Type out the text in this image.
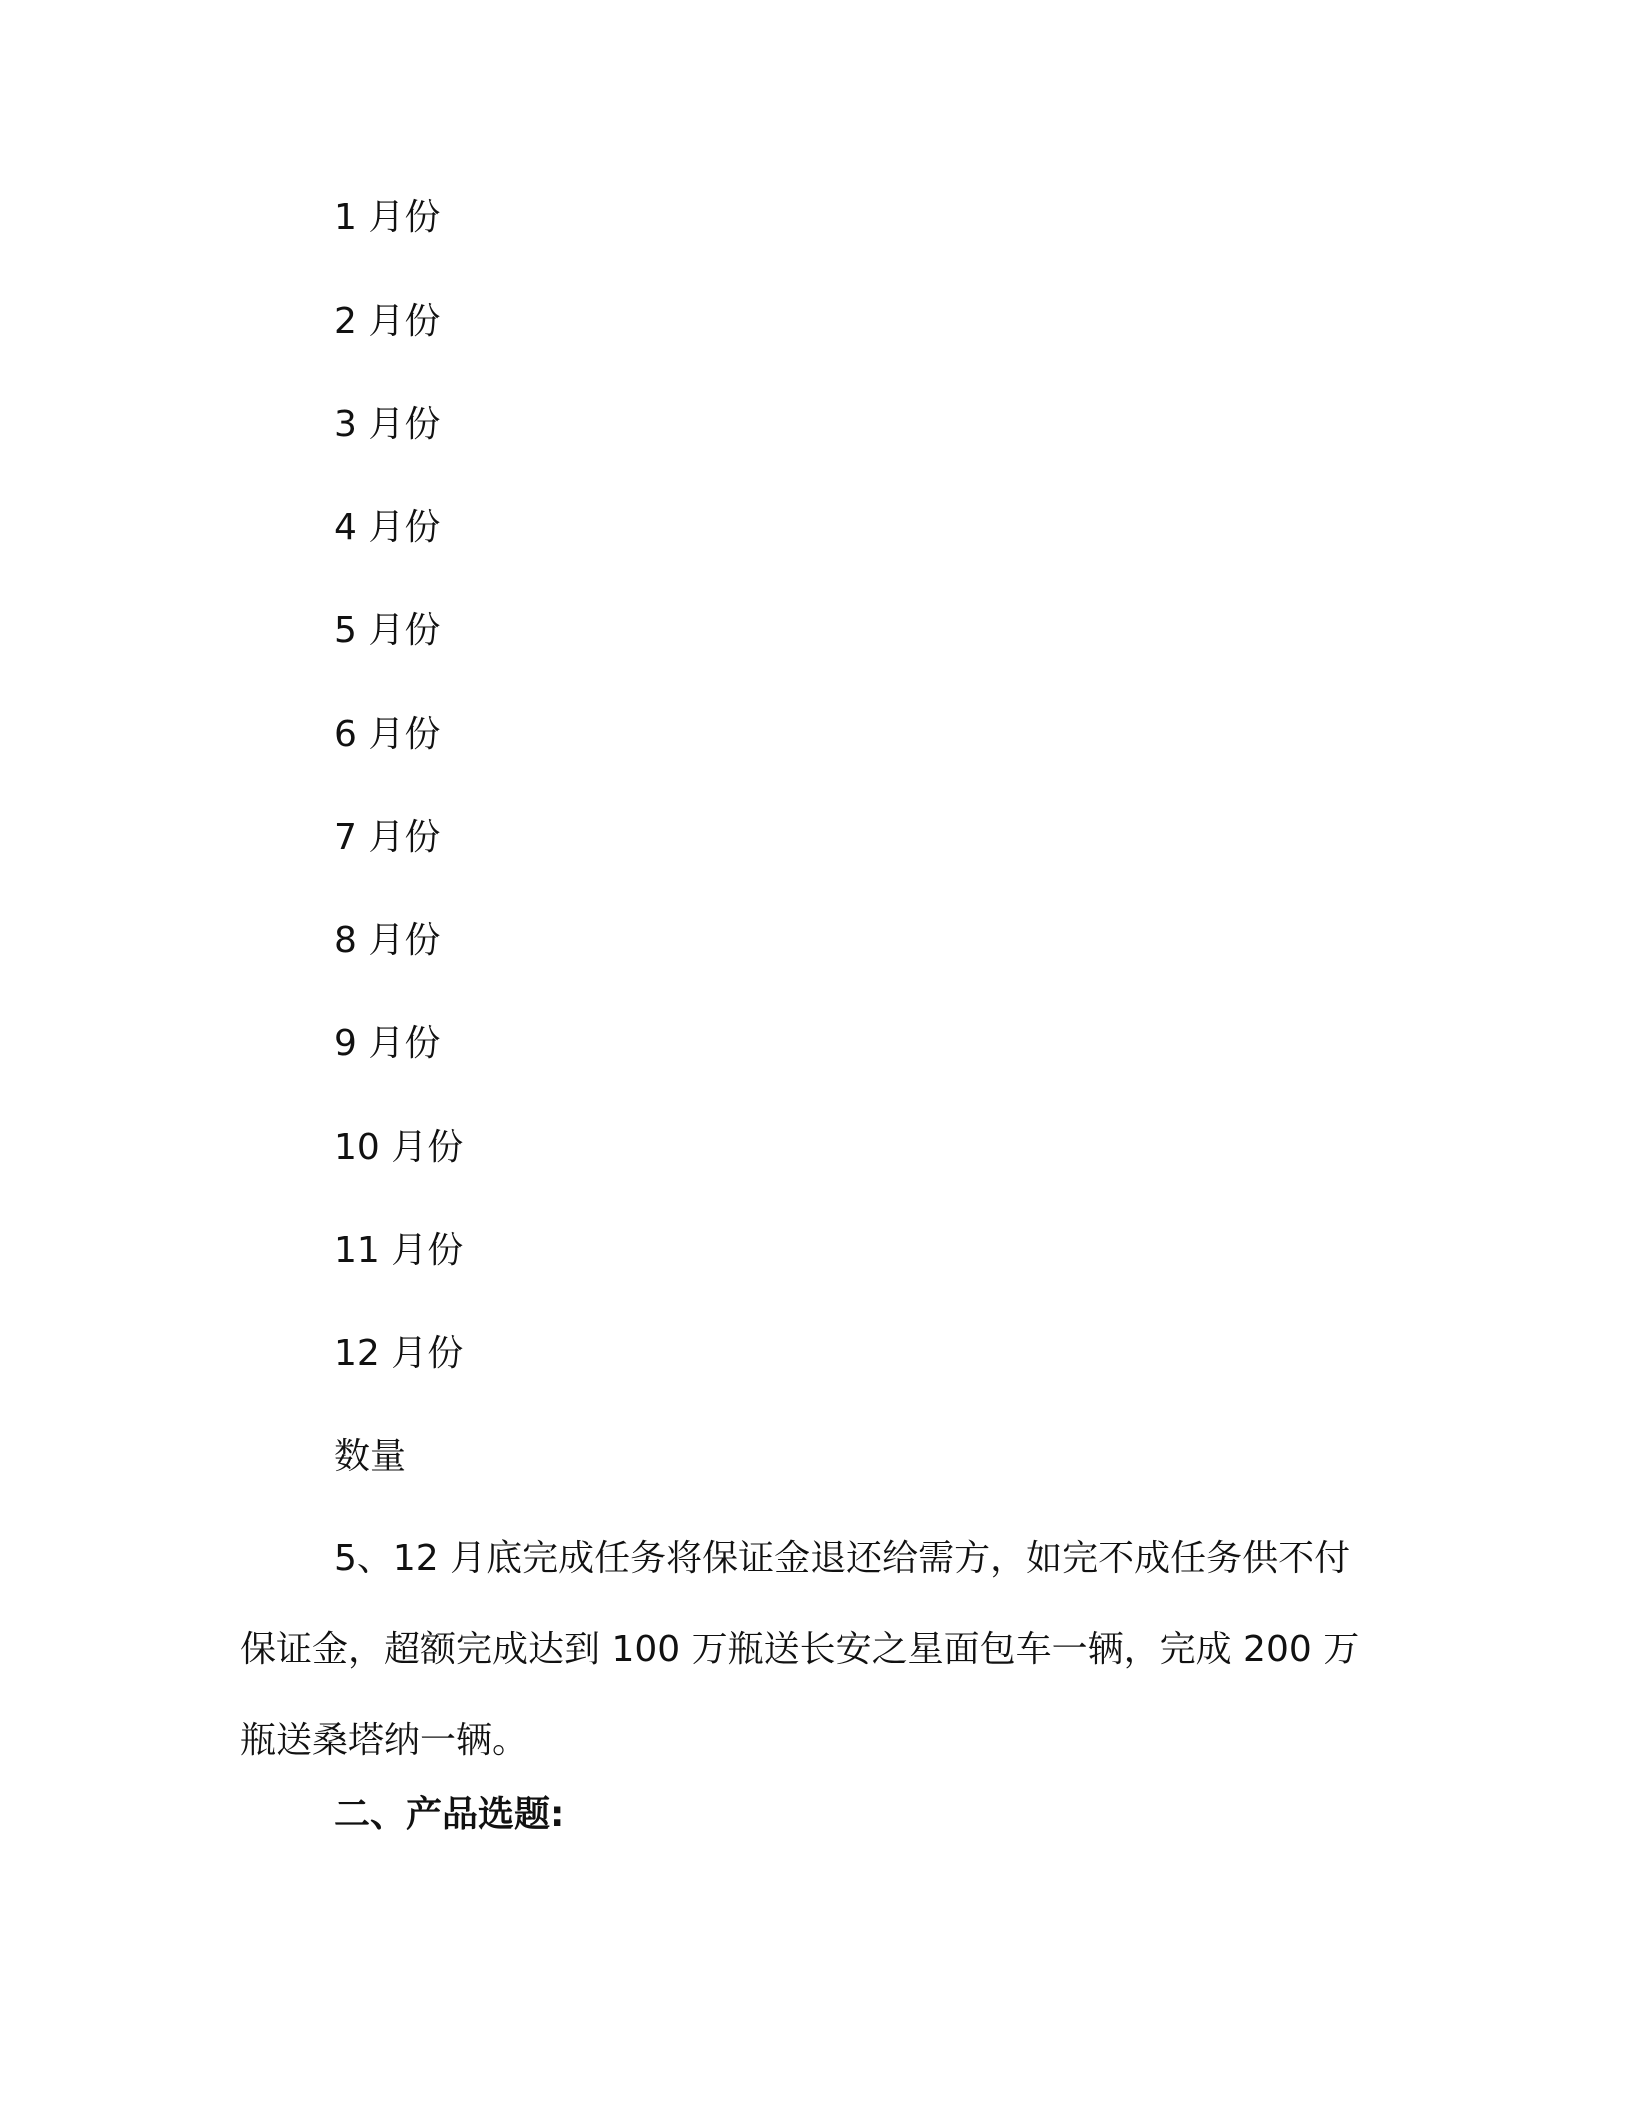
1 月份
2 月份
3 月份
4 月份
5 月份
6 月份
7 月份
8 月份
9 月份
10 月份
11 月份
12 月份
数量

5、12 月底完成任务将保证金退还给需方，如完不成任务供不付保证金，超额完成达到 100 万瓶送长安之星面包车一辆，完成 200 万瓶送桑塔纳一辆。

二、产品选题:
